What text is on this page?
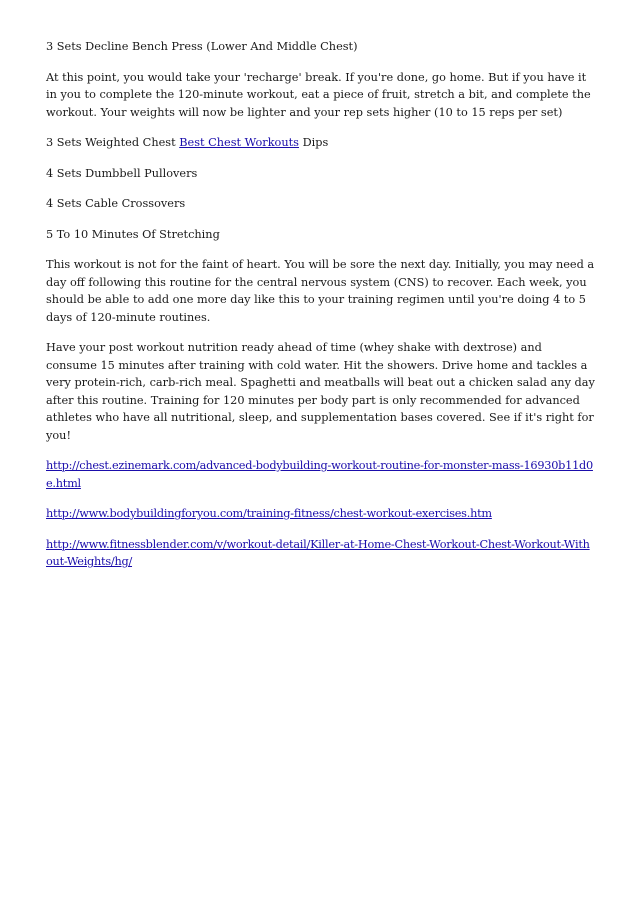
3 Sets Decline Bench Press (Lower And Middle Chest)

At this point, you would take your 'recharge' break. If you're done, go home. But if you have it in you to complete the 120-minute workout, eat a piece of fruit, stretch a bit, and complete the workout. Your weights will now be lighter and your rep sets higher (10 to 15 reps per set)

3 Sets Weighted Chest Best Chest Workouts Dips

4 Sets Dumbbell Pullovers

4 Sets Cable Crossovers

5 To 10 Minutes Of Stretching

This workout is not for the faint of heart. You will be sore the next day. Initially, you may need a day off following this routine for the central nervous system (CNS) to recover. Each week, you should be able to add one more day like this to your training regimen until you're doing 4 to 5 days of 120-minute routines.

Have your post workout nutrition ready ahead of time (whey shake with dextrose) and consume 15 minutes after training with cold water. Hit the showers. Drive home and tackles a very protein-rich, carb-rich meal. Spaghetti and meatballs will beat out a chicken salad any day after this routine. Training for 120 minutes per body part is only recommended for advanced athletes who have all nutritional, sleep, and supplementation bases covered. See if it's right for you!

http://chest.ezinemark.com/advanced-bodybuilding-workout-routine-for-monster-mass-16930b11d0e.html

http://www.bodybuildingforyou.com/training-fitness/chest-workout-exercises.htm

http://www.fitnessblender.com/v/workout-detail/Killer-at-Home-Chest-Workout-Chest-Workout-Without-Weights/hg/
